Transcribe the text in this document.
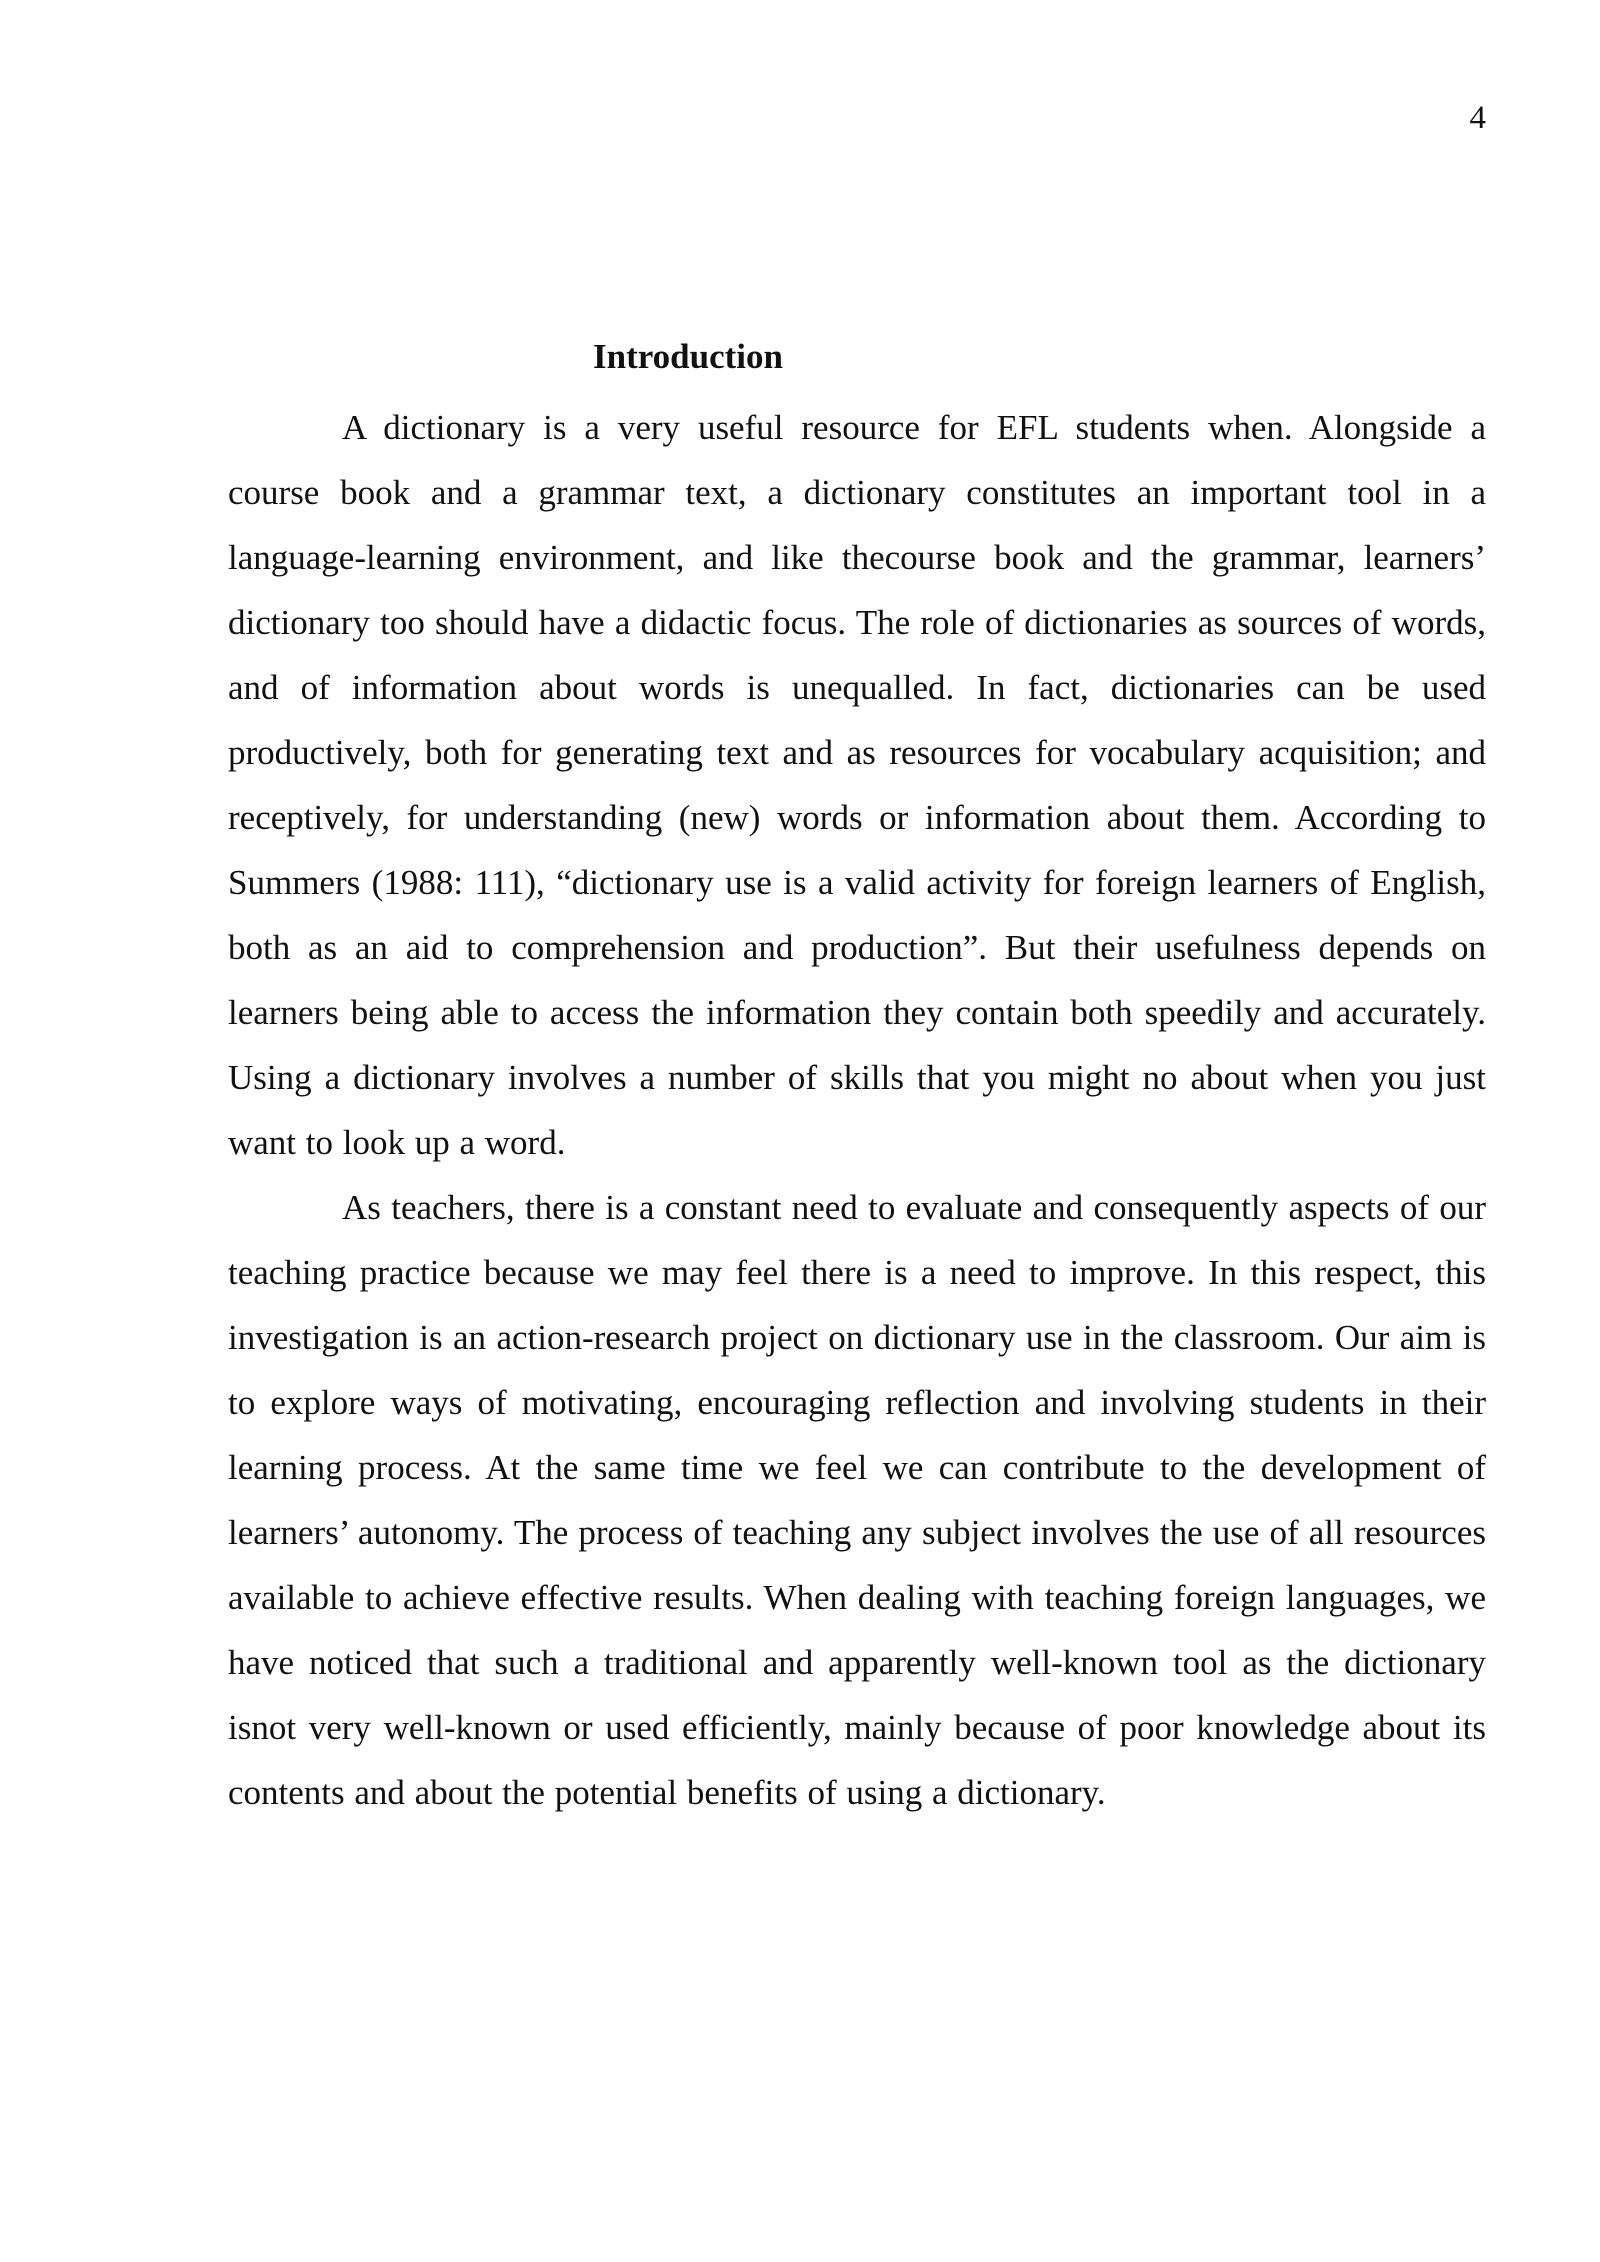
4
Introduction

A dictionary is a very useful resource for EFL students when. Alongside a course book and a grammar text, a dictionary constitutes an important tool in a language-learning environment, and like thecourse book and the grammar, learners’ dictionary too should have a didactic focus. The role of dictionaries as sources of words, and of information about words is unequalled. In fact, dictionaries can be used productively, both for generating text and as resources for vocabulary acquisition; and receptively, for understanding (new) words or information about them. According to Summers (1988: 111), “dictionary use is a valid activity for foreign learners of English, both as an aid to comprehension and production”. But their usefulness depends on learners being able to access the information they contain both speedily and accurately. Using a dictionary involves a number of skills that you might no about when you just want to look up a word.

As teachers, there is a constant need to evaluate and consequently aspects of our teaching practice because we may feel there is a need to improve. In this respect, this investigation is an action-research project on dictionary use in the classroom. Our aim is to explore ways of motivating, encouraging reflection and involving students in their learning process. At the same time we feel we can contribute to the development of learners’ autonomy. The process of teaching any subject involves the use of all resources available to achieve effective results. When dealing with teaching foreign languages, we have noticed that such a traditional and apparently well-known tool as the dictionary isnot very well-known or used efficiently, mainly because of poor knowledge about its contents and about the potential benefits of using a dictionary.
